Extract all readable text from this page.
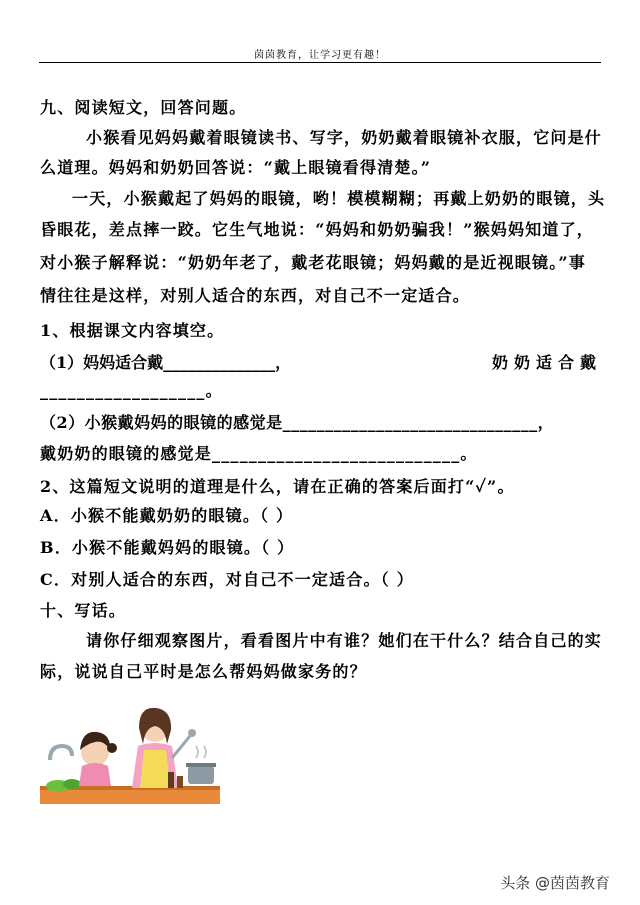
茵茵教育，让学习更有趣！
九、阅读短文，回答问题。
小猴看见妈妈戴着眼镜读书、写字，奶奶戴着眼镜补衣服，它问是什
么道理。妈妈和奶奶回答说：“戴上眼镜看得清楚。”
一天，小猴戴起了妈妈的眼镜，哟！模模糊糊；再戴上奶奶的眼镜，头
昏眼花，差点摔一跤。它生气地说：“妈妈和奶奶骗我！”猴妈妈知道了，
对小猴子解释说：“奶奶年老了，戴老花眼镜；妈妈戴的是近视眼镜。”事
情往往是这样，对别人适合的东西，对自己不一定适合。
1、根据课文内容填空。
（1）妈妈适合戴______________，	奶奶适合戴
__________________。
（2）小猴戴妈妈的眼镜的感觉是______________________________，
戴奶奶的眼镜的感觉是___________________________。
2、这篇短文说明的道理是什么，请在正确的答案后面打“✓”。
A．小猴不能戴奶奶的眼镜。（ ）
B．小猴不能戴妈妈的眼镜。（ ）
C．对别人适合的东西，对自己不一定适合。（ ）
十、写话。
请你仔细观察图片，看看图片中有谁？她们在干什么？结合自己的实
际，说说自己平时是怎么帮妈妈做家务的？
头条 @茵茵教育
